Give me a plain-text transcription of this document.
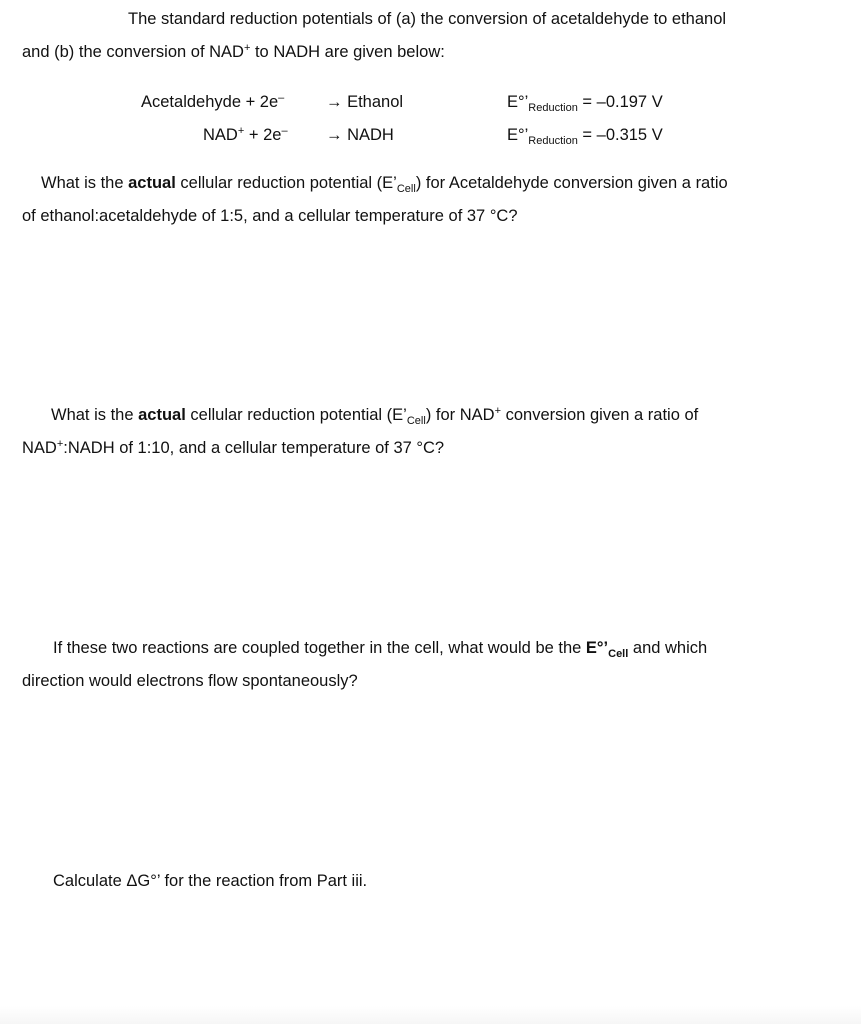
The standard reduction potentials of (a) the conversion of acetaldehyde to ethanol
and (b) the conversion of NAD+ to NADH are given below:
Acetaldehyde + 2e–	→ Ethanol	$E^\circ’_{Reduction} = -0.197$ V
NAD+ + 2e– → NADH	$E^\circ’_{Reduction} = -0.315$ V
What is the actual cellular reduction potential $(E’_{Cell})$ for Acetaldehyde conversion given a ratio
of ethanol:acetaldehyde of 1:5, and a cellular temperature of 37 °C?
What is the actual cellular reduction potential $(E’_{Cell})$ for NAD+ conversion given a ratio of
NAD+:NADH of 1:10, and a cellular temperature of 37 °C?
If these two reactions are coupled together in the cell, what would be the $E^\circ’_{Cell}$ and which
direction would electrons flow spontaneously?
Calculate ΔG°’ for the reaction from Part iii.
